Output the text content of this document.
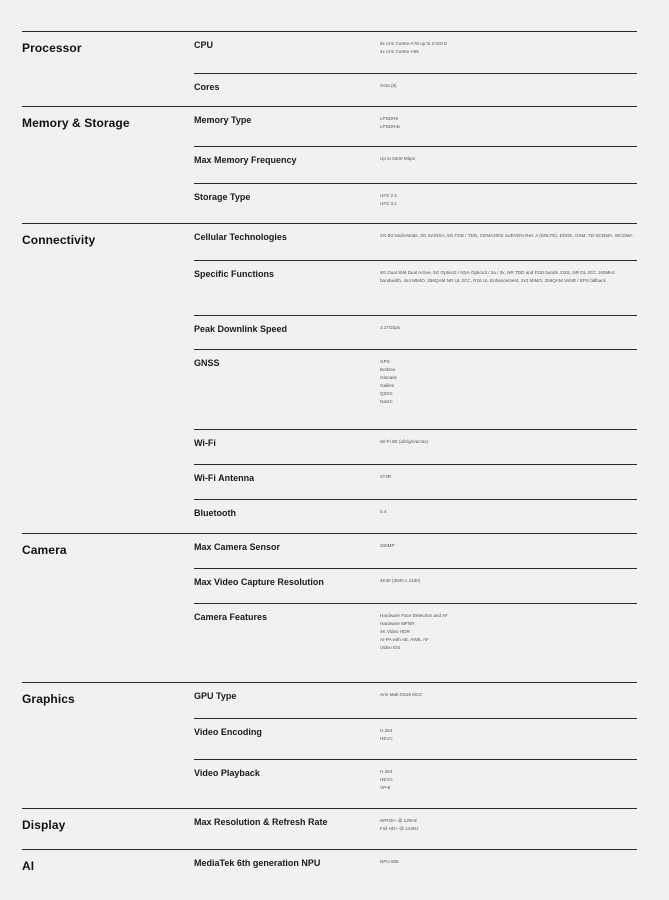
Processor	CPU	8x Arm Cortex-A78 up to 2.6GHz
4x Arm Cortex-A55
Cores	Octa (8)
Memory & Storage	Memory Type	LPDDR5
LPDDR4x
Max Memory Frequency	Up to 6400 Mbps
Storage Type	UFS 2.2
UFS 3.1
Connectivity	Cellular Technologies	2G-5G Multi-Mode, 5G SA/NSA, 5G FDD / TDD, CDMA2000 1x/EVDO Rev. A (SRLTE), EDGE, GSM, TD-SCDMA, WCDMA
Specific Functions	5G Dual SIM Dual Active, 5G Option2 / NSA Option3 / 3a / 3x, NR TDD and FDD bands, DSS, NR DL 2CC 160MHz bandwidth, 4x4 MIMO, 256QAM NR UL 2CC, R16 UL Enhancement, 2x2 MIMO, 256QAM VoNR / EPS fallback
Peak Downlink Speed	3.27Gbps
GNSS	GPS
BeiDou
Glonass
Galileo
QZSS
NavIC
Wi-Fi	Wi-Fi 6E (a/b/g/n/ac/ax)
Wi-Fi Antenna	2T2R
Bluetooth	5.4
Camera	Max Camera Sensor	200MP
Max Video Capture Resolution	4K30 (3840 x 2160)
Camera Features	Hardware Face Detection and AF
Hardware MFNR
4K Video HDR
AI-PA with AE, AWB, AF
Video EIS
Graphics	GPU Type	Arm Mali-G615 MC2
Video Encoding	H.264
HEVC
Video Playback	H.264
HEVC
VP-9
Display	Max Resolution & Refresh Rate	WFHD+ @ 120Hz
Full HD+ @ 144Hz
AI	MediaTek 6th generation NPU	NPU 655
